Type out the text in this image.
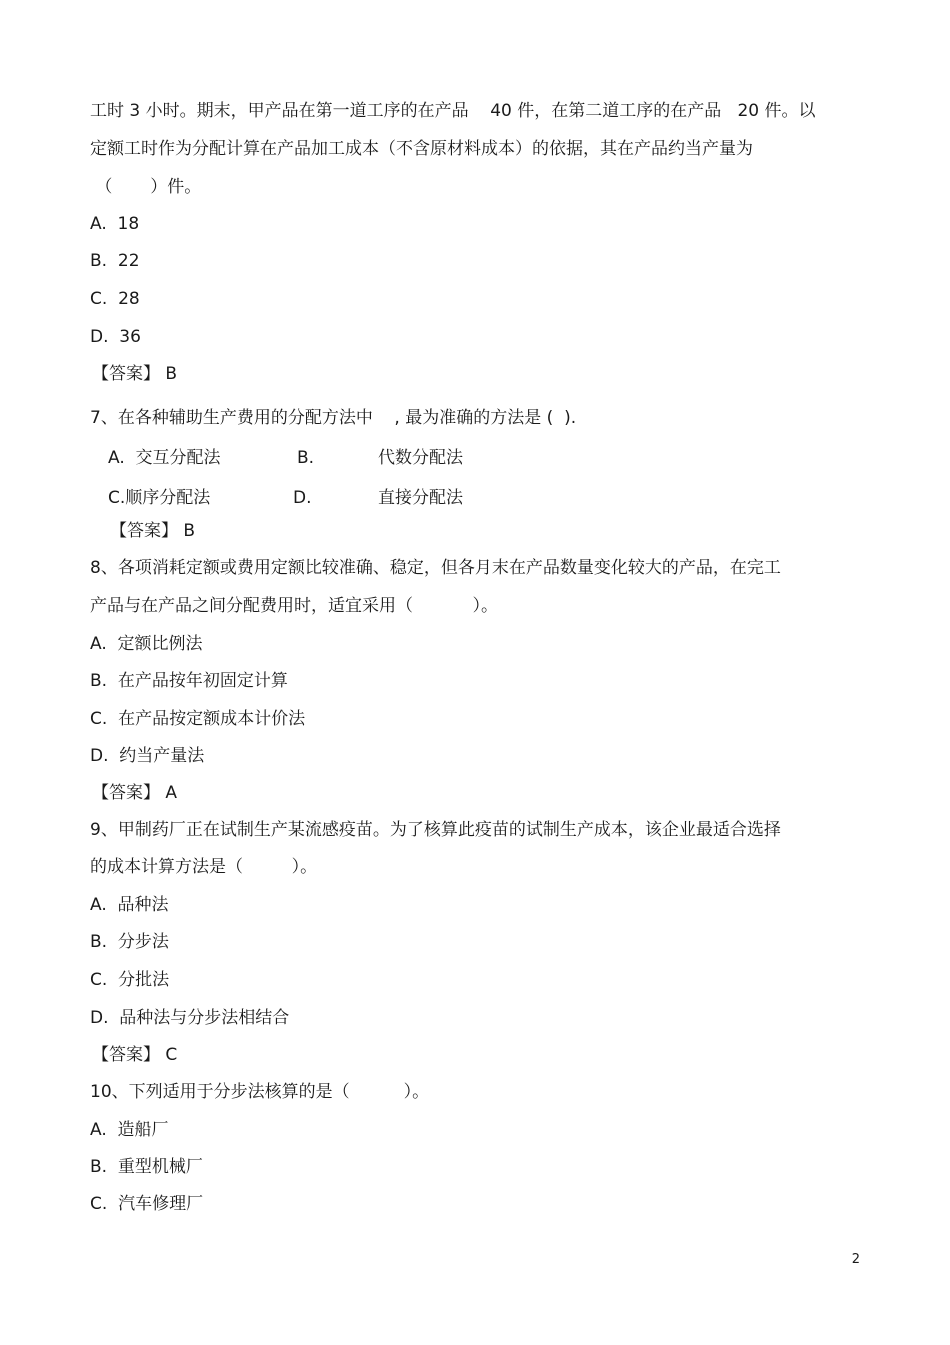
工时 3 小时。期末，甲产品在第一道工序的在产品    40 件，在第二道工序的在产品   20 件。以
定额工时作为分配计算在产品加工成本（不含原材料成本）的依据，其在产品约当产量为
（       ）件。
A.  18
B.  22
C.  28
D.  36
【答案】 B
7、在各种辅助生产费用的分配方法中    , 最为准确的方法是 (  ).
A.  交互分配法	B.	代数分配法
C.顺序分配法	D.	直接分配法
【答案】 B
8、各项消耗定额或费用定额比较准确、稳定，但各月末在产品数量变化较大的产品，在完工
产品与在产品之间分配费用时，适宜采用（           ）。
A.  定额比例法
B.  在产品按年初固定计算
C.  在产品按定额成本计价法
D.  约当产量法
【答案】 A
9、甲制药厂正在试制生产某流感疫苗。为了核算此疫苗的试制生产成本，该企业最适合选择
的成本计算方法是（         ）。
A.  品种法
B.  分步法
C.  分批法
D.  品种法与分步法相结合
【答案】 C
10、下列适用于分步法核算的是（          ）。
A.  造船厂
B.  重型机械厂
C.  汽车修理厂
2
